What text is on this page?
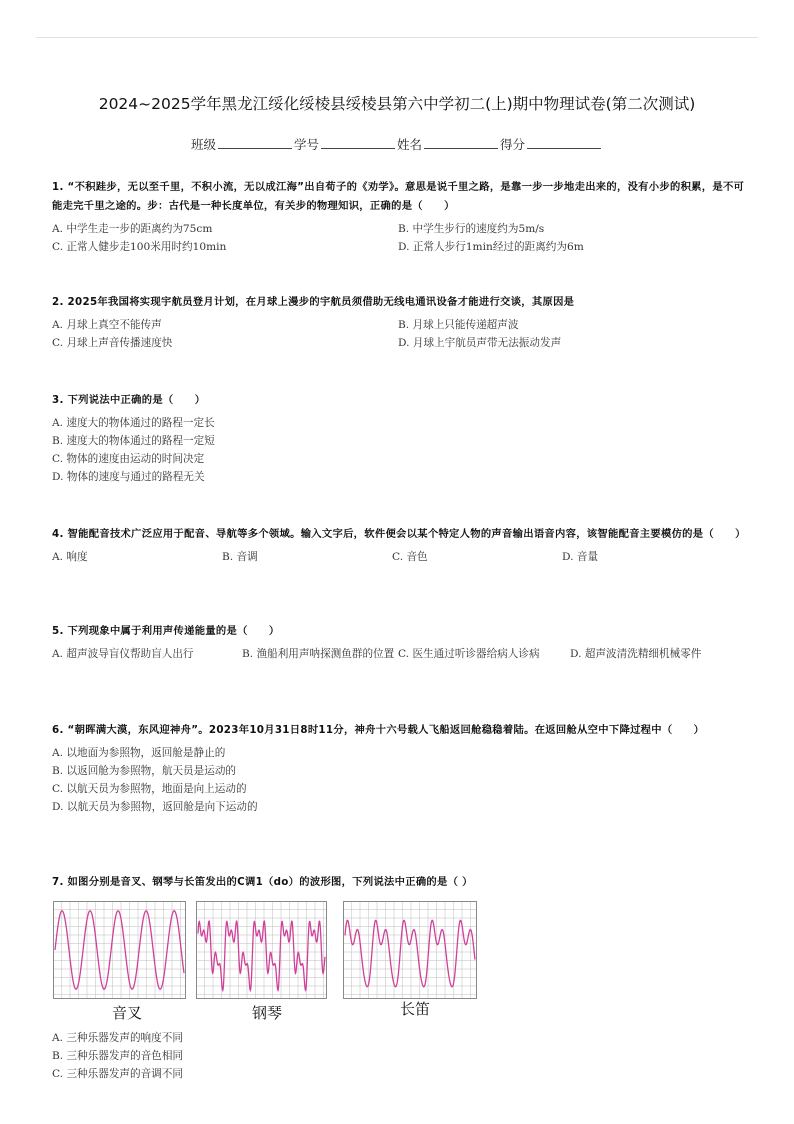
2024~2025学年黑龙江绥化绥棱县绥棱县第六中学初二(上)期中物理试卷(第二次测试)
班级	学号	姓名	得分
1. “不积跬步，无以至千里，不积小流，无以成江海”出自荀子的《劝学》。意思是说千里之路，是靠一步一步地走出来的，没有小步的积累，是不可能走完千里之途的。步：古代是一种长度单位，有关步的物理知识，正确的是（　　）
A. 中学生走一步的距离约为75cm	B. 中学生步行的速度约为5m/s
C. 正常人健步走100米用时约10min	D. 正常人步行1min经过的距离约为6m
2. 2025年我国将实现宇航员登月计划，在月球上漫步的宇航员须借助无线电通讯设备才能进行交谈，其原因是
A. 月球上真空不能传声	B. 月球上只能传递超声波
C. 月球上声音传播速度快	D. 月球上宇航员声带无法振动发声
3. 下列说法中正确的是（　　）
A. 速度大的物体通过的路程一定长
B. 速度大的物体通过的路程一定短
C. 物体的速度由运动的时间决定
D. 物体的速度与通过的路程无关
4. 智能配音技术广泛应用于配音、导航等多个领域。输入文字后，软件便会以某个特定人物的声音输出语音内容，该智能配音主要模仿的是（　　）
A. 响度	B. 音调	C. 音色	D. 音量
5. 下列现象中属于利用声传递能量的是（　　）
A. 超声波导盲仪帮助盲人出行	B. 渔船利用声呐探测鱼群的位置 C. 医生通过听诊器给病人诊病	D. 超声波清洗精细机械零件
6. “朝晖满大漠，东风迎神舟”。2023年10月31日8时11分，神舟十六号载人飞船返回舱稳稳着陆。在返回舱从空中下降过程中（　　）
A. 以地面为参照物，返回舱是静止的
B. 以返回舱为参照物，航天员是运动的
C. 以航天员为参照物，地面是向上运动的
D. 以航天员为参照物，返回舱是向下运动的
7. 如图分别是音叉、钢琴与长笛发出的C调1（do）的波形图，下列说法中正确的是（ ）
音叉	钢琴	长笛
A. 三种乐器发声的响度不同
B. 三种乐器发声的音色相同
C. 三种乐器发声的音调不同
